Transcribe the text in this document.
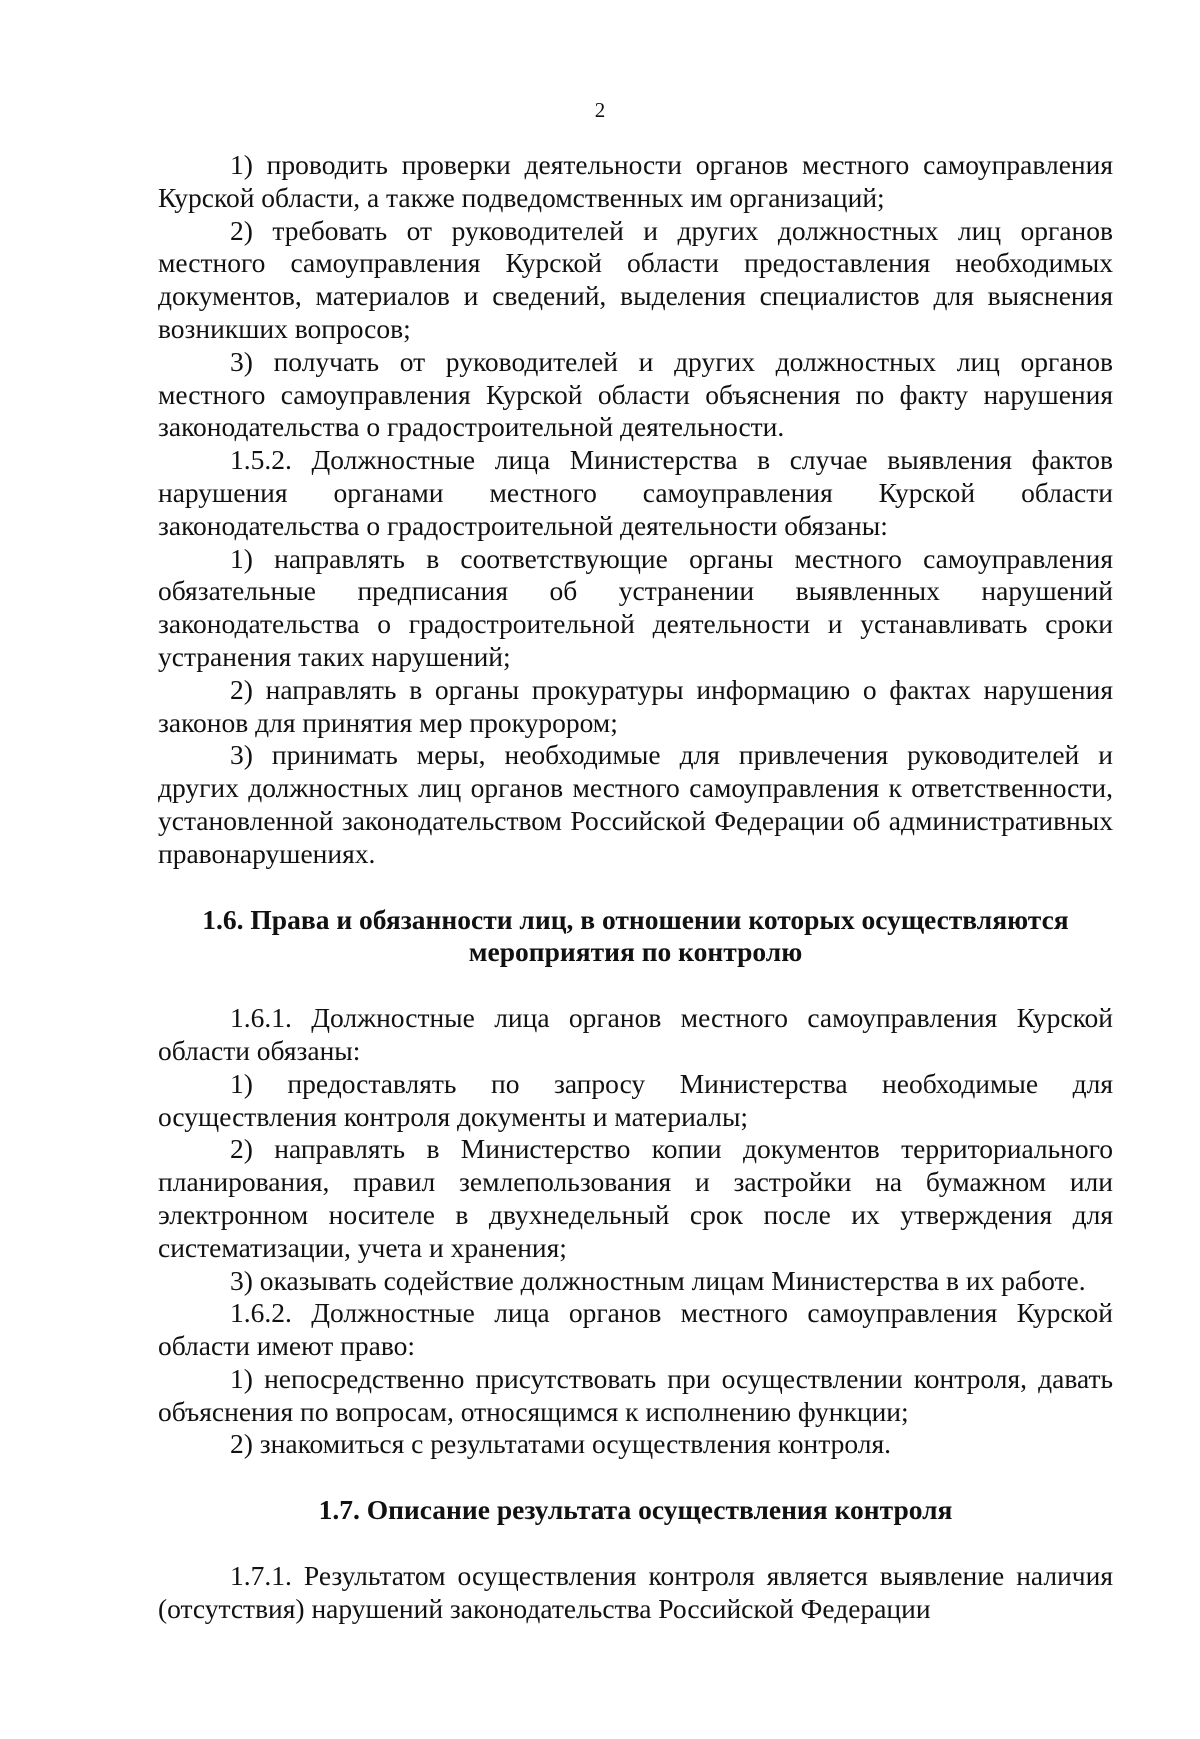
2

1) проводить проверки деятельности органов местного самоуправления Курской области, а также подведомственных им организаций;

2) требовать от руководителей и других должностных лиц органов местного самоуправления Курской области предоставления необходимых документов, материалов и сведений, выделения специалистов для выяснения возникших вопросов;

3) получать от руководителей и других должностных лиц органов местного самоуправления Курской области объяснения по факту нарушения законодательства о градостроительной деятельности.

1.5.2. Должностные лица Министерства в случае выявления фактов нарушения органами местного самоуправления Курской области законодательства о градостроительной деятельности обязаны:

1) направлять в соответствующие органы местного самоуправления обязательные предписания об устранении выявленных нарушений законодательства о градостроительной деятельности и устанавливать сроки устранения таких нарушений;

2) направлять в органы прокуратуры информацию о фактах нарушения законов для принятия мер прокурором;

3) принимать меры, необходимые для привлечения руководителей и других должностных лиц органов местного самоуправления к ответственности, установленной законодательством Российской Федерации об административных правонарушениях.

1.6. Права и обязанности лиц, в отношении которых осуществляются мероприятия по контролю

1.6.1. Должностные лица органов местного самоуправления Курской области обязаны:

1) предоставлять по запросу Министерства необходимые для осуществления контроля документы и материалы;

2) направлять в Министерство копии документов территориального планирования, правил землепользования и застройки на бумажном или электронном носителе в двухнедельный срок после их утверждения для систематизации, учета и хранения;

3) оказывать содействие должностным лицам Министерства в их работе.

1.6.2. Должностные лица органов местного самоуправления Курской области имеют право:

1) непосредственно присутствовать при осуществлении контроля, давать объяснения по вопросам, относящимся к исполнению функции;

2) знакомиться с результатами осуществления контроля.

1.7. Описание результата осуществления контроля

1.7.1. Результатом осуществления контроля является выявление наличия (отсутствия) нарушений законодательства Российской Федерации
